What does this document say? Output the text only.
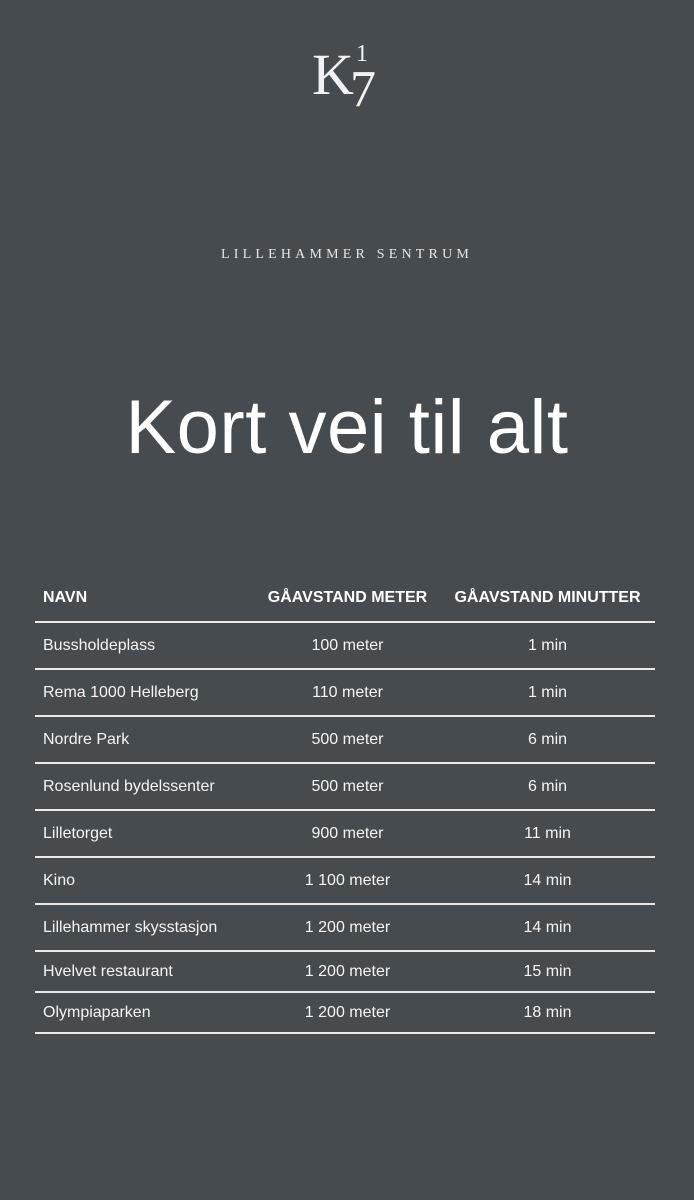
K 1
7
LILLEHAMMER SENTRUM
Kort vei til alt
NAVN	GÅAVSTAND METER	GÅAVSTAND MINUTTER
Bussholdeplass	100 meter	1 min
Rema 1000 Helleberg	110 meter	1 min
Nordre Park	500 meter	6 min
Rosenlund bydelssenter	500 meter	6 min
Lilletorget	900 meter	11 min
Kino	1 100 meter	14 min
Lillehammer skysstasjon	1 200 meter	14 min
Hvelvet restaurant	1 200 meter	15 min
Olympiaparken	1 200 meter	18 min
